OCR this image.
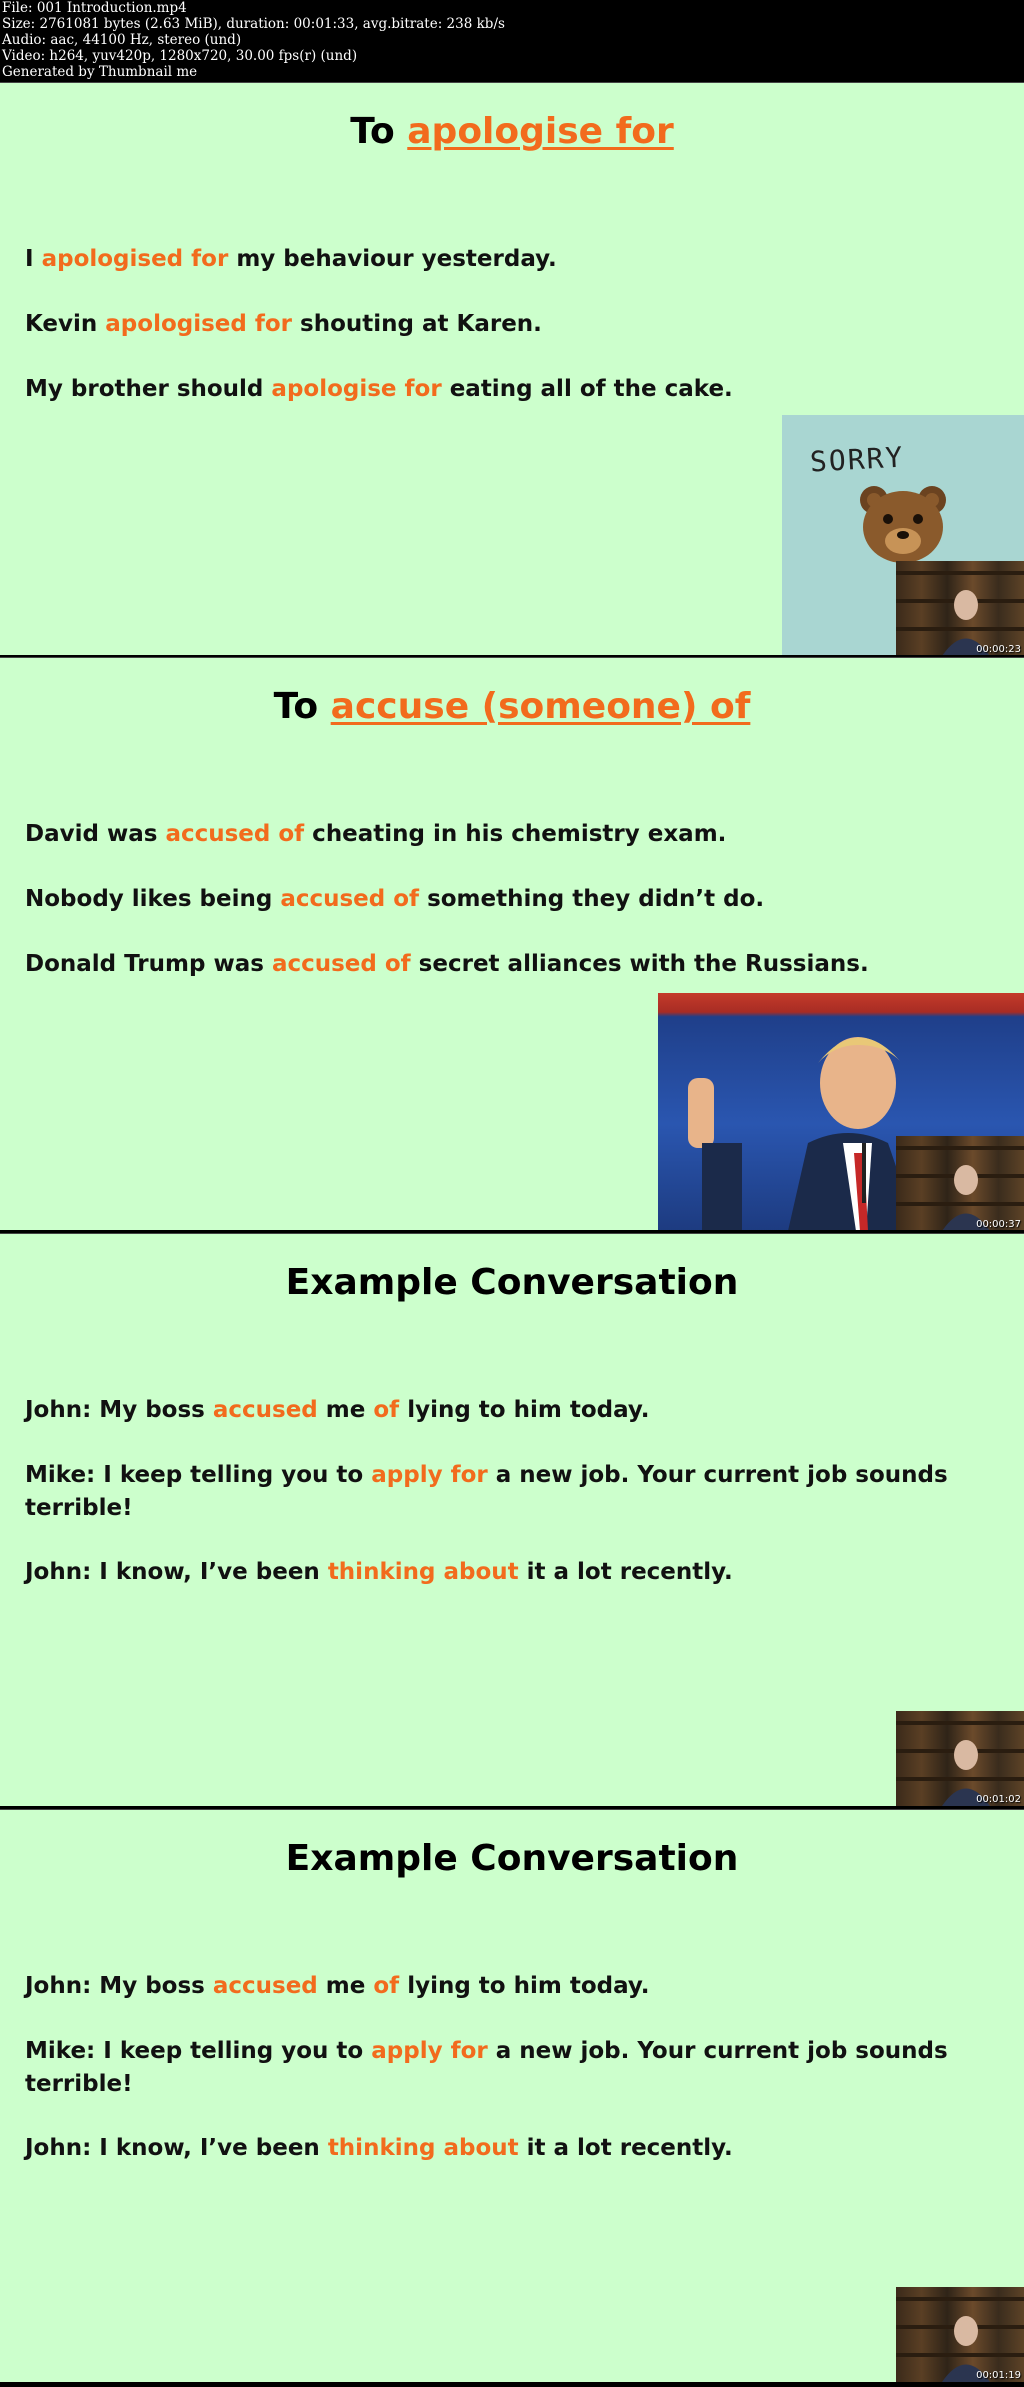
File: 001 Introduction.mp4
Size: 2761081 bytes (2.63 MiB), duration: 00:01:33, avg.bitrate: 238 kb/s
Audio: aac, 44100 Hz, stereo (und)
Video: h264, yuv420p, 1280x720, 30.00 fps(r) (und)
Generated by Thumbnail me
To apologise for
I apologised for my behaviour yesterday.
Kevin apologised for shouting at Karen.
My brother should apologise for eating all of the cake.
SORRY
00:00:23
To accuse (someone) of
David was accused of cheating in his chemistry exam.
Nobody likes being accused of something they didn’t do.
Donald Trump was accused of secret alliances with the Russians.
00:00:37
Example Conversation
John: My boss accused me of lying to him today.
Mike: I keep telling you to apply for a new job. Your current job sounds terrible!
John: I know, I’ve been thinking about it a lot recently.
00:01:02
Example Conversation
John: My boss accused me of lying to him today.
Mike: I keep telling you to apply for a new job. Your current job sounds terrible!
John: I know, I’ve been thinking about it a lot recently.
00:01:19
